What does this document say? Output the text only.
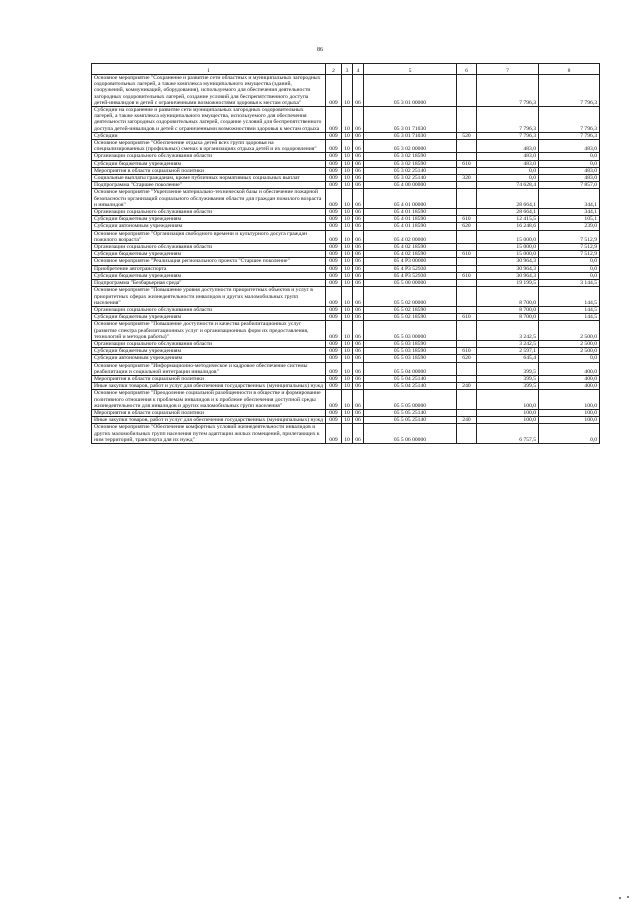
86
1	2	3	4	5	6	7	8
Основное мероприятие "Сохранение и развитие сети областных и муниципальных загородных оздоровительных лагерей, а также комплекса муниципального имущества (зданий, сооружений, коммуникаций, оборудования), используемого для обеспечения деятельности загородных оздоровительных лагерей, создание условий для беспрепятственного доступа детей-инвалидов и детей с ограниченными возможностями здоровья к местам отдыха"	009	10	06	05 3 01 00000		7 796,3	7 796,3
Субсидии на сохранение и развитие сети муниципальных загородных оздоровительных лагерей, а также комплекса муниципального имущества, используемого для обеспечения деятельности загородных оздоровительных лагерей, создание условий для беспрепятственного доступа детей-инвалидов и детей с ограниченными возможностями здоровья к местам отдыха	009	10	06	05 3 01 71030		7 796,3	7 796,3
Субсидии	009	10	06	05 3 01 71030	520	7 796,3	7 796,3
Основное мероприятие "Обеспечение отдыха детей всех групп здоровья на специализированных (профильных) сменах в организациях отдыха детей и их оздоровления"	009	10	06	05 3 02 00000		483,0	483,0
Организации социального обслуживания области	009	10	06	05 3 02 18590		483,0	0,0
Субсидии бюджетным учреждениям	009	10	06	05 3 02 18590	610	483,0	0,0
Мероприятия в области социальной политики	009	10	06	05 3 02 25140		0,0	483,0
Социальные выплаты гражданам, кроме публичных нормативных социальных выплат	009	10	06	05 3 02 25140	320	0,0	483,0
Подпрограмма "Старшее поколение"	009	10	06	05 4 00 00000		74 628,4	7 857,0
Основное мероприятие "Укрепление материально-технической базы и обеспечение пожарной безопасности организаций социального обслуживания области для граждан пожилого возраста и инвалидов"	009	10	06	05 4 01 00000		28 664,1	344,1
Организации социального обслуживания области	009	10	06	05 4 01 18590		28 664,1	344,1
Субсидии бюджетным учреждениям	009	10	06	05 4 01 18590	610	12 415,5	105,1
Субсидии автономным учреждениям	009	10	06	05 4 01 18590	620	16 248,6	239,0
Основное мероприятие "Организация свободного времени и культурного досуга граждан пожилого возраста"	009	10	06	05 4 02 00000		15 000,0	7 512,9
Организации социального обслуживания области	009	10	06	05 4 02 18590		15 000,0	7 512,9
Субсидии бюджетным учреждениям	009	10	06	05 4 02 18590	610	15 000,0	7 512,9
Основное мероприятие "Реализация регионального проекта "Старшее поколение"	009	10	06	05 4 P3 00000		30 964,3	0,0
Приобретение автотранспорта	009	10	06	05 4 P3 52930		30 964,3	0,0
Субсидии бюджетным учреждениям	009	10	06	05 4 P3 52930	610	30 964,3	0,0
Подпрограмма "Безбарьерная среда"	009	10	06	05 5 00 00000		19 199,5	3 144,5
Основное мероприятие "Повышение уровня доступности приоритетных объектов и услуг в приоритетных сферах жизнедеятельности инвалидов и других маломобильных групп населения"	009	10	06	05 5 02 00000		8 700,0	144,5
Организации социального обслуживания области	009	10	06	05 5 02 18590		8 700,0	144,5
Субсидии бюджетным учреждениям	009	10	06	05 5 02 18590	610	8 700,0	144,5
Основное мероприятие "Повышение доступности и качества реабилитационных услуг (развитие спектра реабилитационных услуг и организационных форм их предоставления, технологий и методов работы)"	009	10	06	05 5 03 00000		3 242,5	2 500,0
Организации социального обслуживания области	009	10	06	05 5 03 18590		3 242,5	2 500,0
Субсидии бюджетным учреждениям	009	10	06	05 5 03 18590	610	2 597,1	2 500,0
Субсидии автономным учреждениям	009	10	06	05 5 03 18590	620	645,4	0,0
Основное мероприятие "Информационно-методическое и кадровое обеспечение системы реабилитации и социальной интеграции инвалидов"	009	10	06	05 5 04 00000		399,5	400,0
Мероприятия в области социальной политики	009	10	06	05 5 04 25140		399,5	400,0
Иные закупки товаров, работ и услуг для обеспечения государственных (муниципальных) нужд	009	10	06	05 5 04 25140	240	399,5	400,0
Основное мероприятие "Преодоление социальной разобщенности в обществе и формирование позитивного отношения к проблемам инвалидов и к проблеме обеспечения доступной среды жизнедеятельности для инвалидов и других маломобильных групп населения"	009	10	06	05 5 05 00000		100,0	100,0
Мероприятия в области социальной политики	009	10	06	05 5 05 25140		100,0	100,0
Иные закупки товаров, работ и услуг для обеспечения государственных (муниципальных) нужд	009	10	06	05 5 05 25140	240	100,0	100,0
Основное мероприятие "Обеспечение комфортных условий жизнедеятельности инвалидов и других маломобильных групп населения путем адаптации жилых помещений, прилегающих к ним территорий, транспорта для их нужд"	009	10	06	05 5 06 00000		6 757,5	0,0
